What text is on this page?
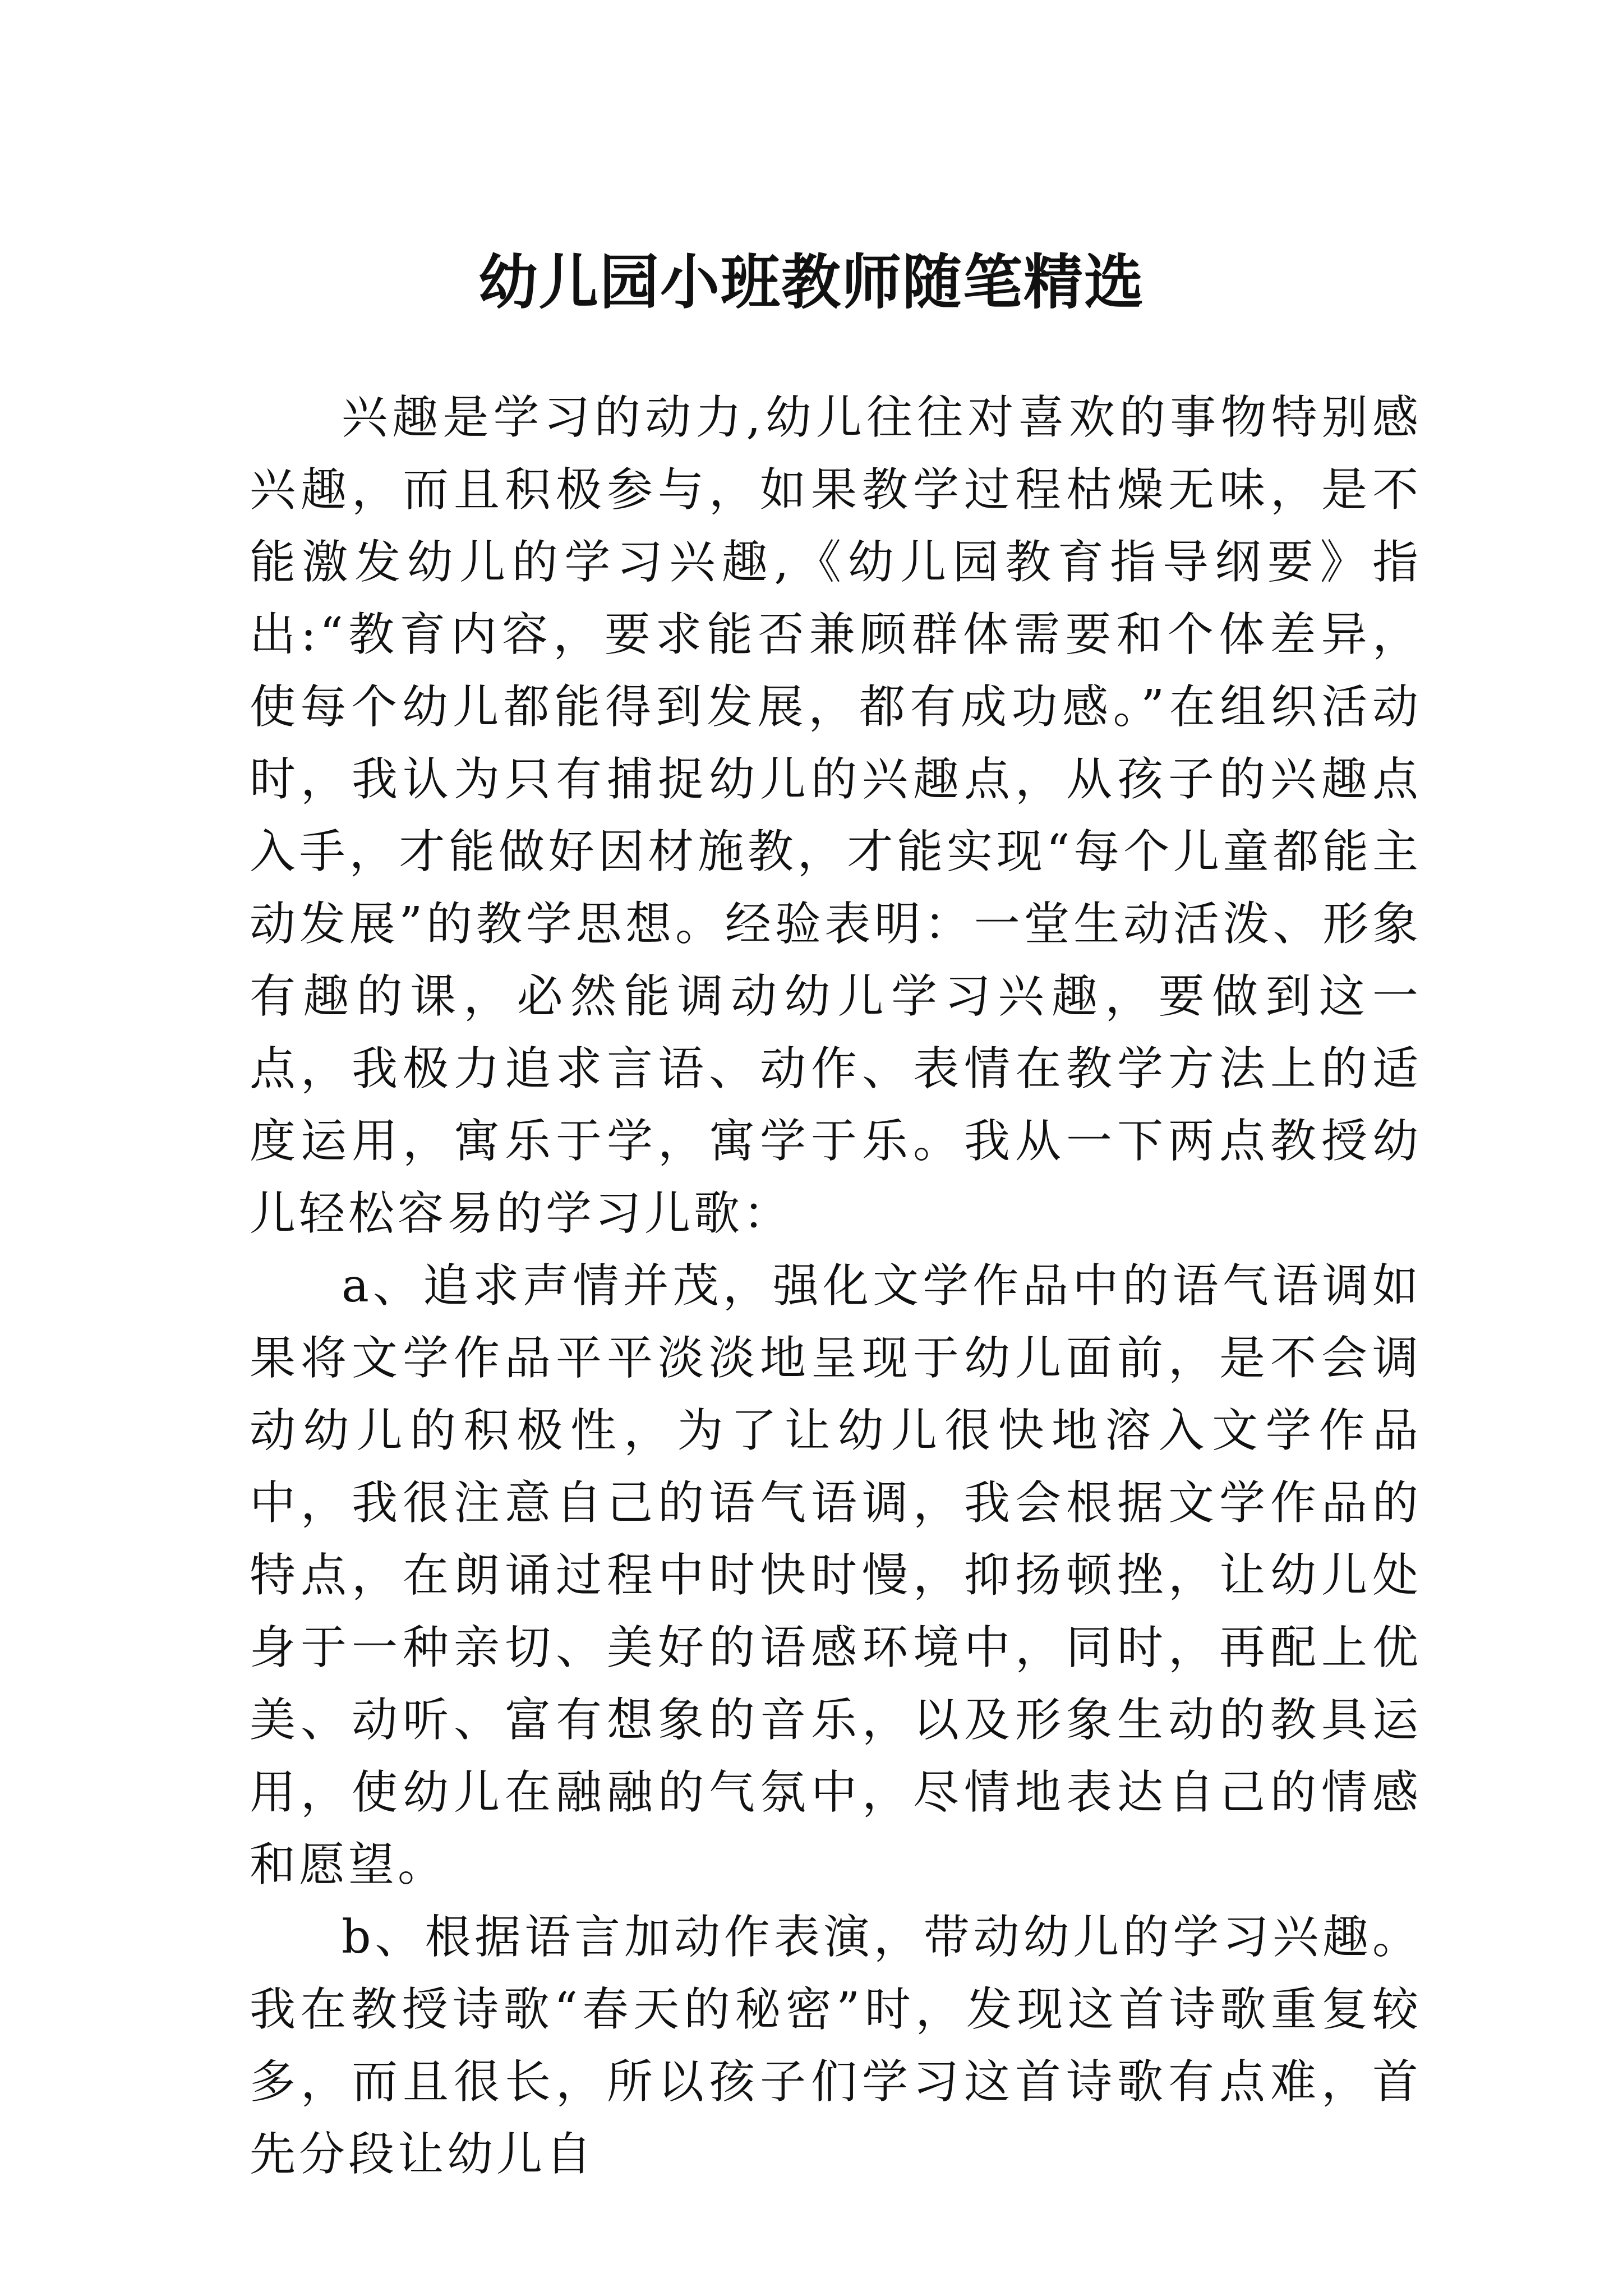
幼儿园小班教师随笔精选

兴趣是学习的动力,幼儿往往对喜欢的事物特别感兴趣，而且积极参与，如果教学过程枯燥无味，是不能激发幼儿的学习兴趣,《幼儿园教育指导纲要》指出:“教育内容，要求能否兼顾群体需要和个体差异，使每个幼儿都能得到发展，都有成功感。”在组织活动时，我认为只有捕捉幼儿的兴趣点，从孩子的兴趣点入手，才能做好因材施教，才能实现“每个儿童都能主动发展”的教学思想。经验表明：一堂生动活泼、形象有趣的课，必然能调动幼儿学习兴趣，要做到这一点，我极力追求言语、动作、表情在教学方法上的适度运用，寓乐于学，寓学于乐。我从一下两点教授幼儿轻松容易的学习儿歌：

a、追求声情并茂，强化文学作品中的语气语调如果将文学作品平平淡淡地呈现于幼儿面前，是不会调动幼儿的积极性，为了让幼儿很快地溶入文学作品中，我很注意自己的语气语调，我会根据文学作品的特点，在朗诵过程中时快时慢，抑扬顿挫，让幼儿处身于一种亲切、美好的语感环境中，同时，再配上优美、动听、富有想象的音乐，以及形象生动的教具运用，使幼儿在融融的气氛中，尽情地表达自己的情感和愿望。

b、根据语言加动作表演，带动幼儿的学习兴趣。我在教授诗歌“春天的秘密”时，发现这首诗歌重复较多，而且很长，所以孩子们学习这首诗歌有点难，首先分段让幼儿自
